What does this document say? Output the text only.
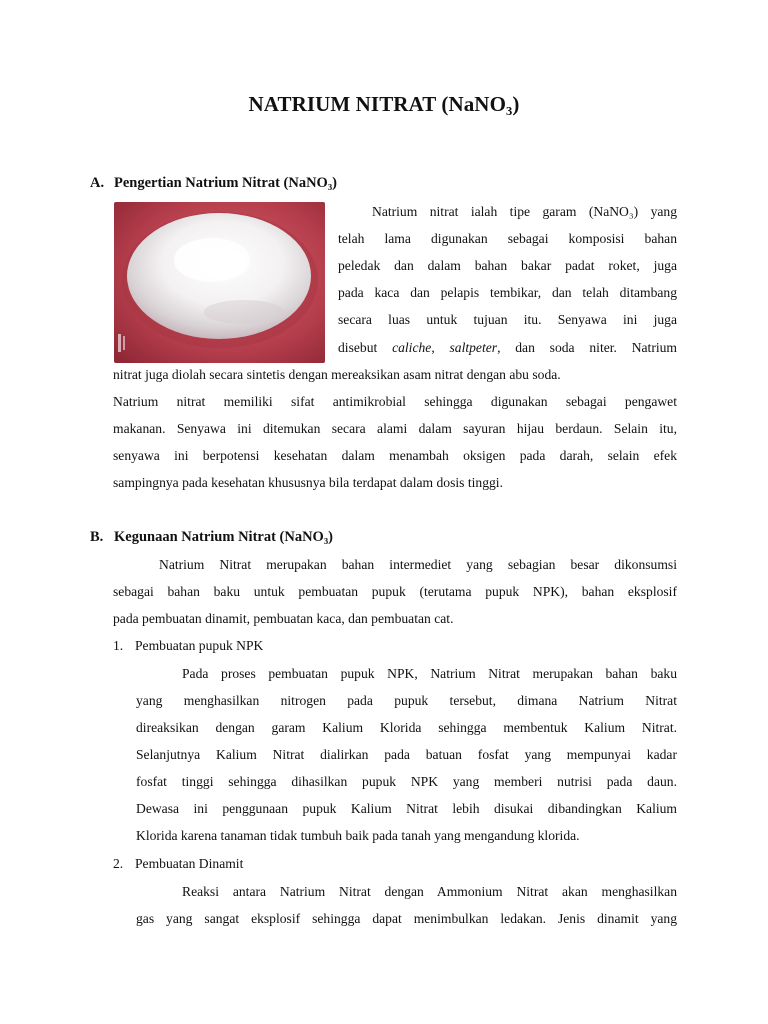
NATRIUM NITRAT (NaNO₃)

A. Pengertian Natrium Nitrat (NaNO₃)

Natrium nitrat ialah tipe garam (NaNO₃) yang

telah lama digunakan sebagai komposisi bahan

peledak dan dalam bahan bakar padat roket, juga

pada kaca dan pelapis tembikar, dan telah ditambang

secara luas untuk tujuan itu. Senyawa ini juga

disebut caliche, saltpeter, dan soda niter. Natrium

nitrat juga diolah secara sintetis dengan mereaksikan asam nitrat dengan abu soda.

Natrium nitrat memiliki sifat antimikrobial sehingga digunakan sebagai pengawet

makanan. Senyawa ini ditemukan secara alami dalam sayuran hijau berdaun. Selain itu,

senyawa ini berpotensi kesehatan dalam menambah oksigen pada darah, selain efek

sampingnya pada kesehatan khususnya bila terdapat dalam dosis tinggi.

B. Kegunaan Natrium Nitrat (NaNO₃)

Natrium Nitrat merupakan bahan intermediet yang sebagian besar dikonsumsi

sebagai bahan baku untuk pembuatan pupuk (terutama pupuk NPK), bahan eksplosif

pada pembuatan dinamit, pembuatan kaca, dan pembuatan cat.

1. Pembuatan pupuk NPK

Pada proses pembuatan pupuk NPK, Natrium Nitrat merupakan bahan baku

yang menghasilkan nitrogen pada pupuk tersebut, dimana Natrium Nitrat

direaksikan dengan garam Kalium Klorida sehingga membentuk Kalium Nitrat.

Selanjutnya Kalium Nitrat dialirkan pada batuan fosfat yang mempunyai kadar

fosfat tinggi sehingga dihasilkan pupuk NPK yang memberi nutrisi pada daun.

Dewasa ini penggunaan pupuk Kalium Nitrat lebih disukai dibandingkan Kalium

Klorida karena tanaman tidak tumbuh baik pada tanah yang mengandung klorida.

2. Pembuatan Dinamit

Reaksi antara Natrium Nitrat dengan Ammonium Nitrat akan menghasilkan

gas yang sangat eksplosif sehingga dapat menimbulkan ledakan. Jenis dinamit yang
